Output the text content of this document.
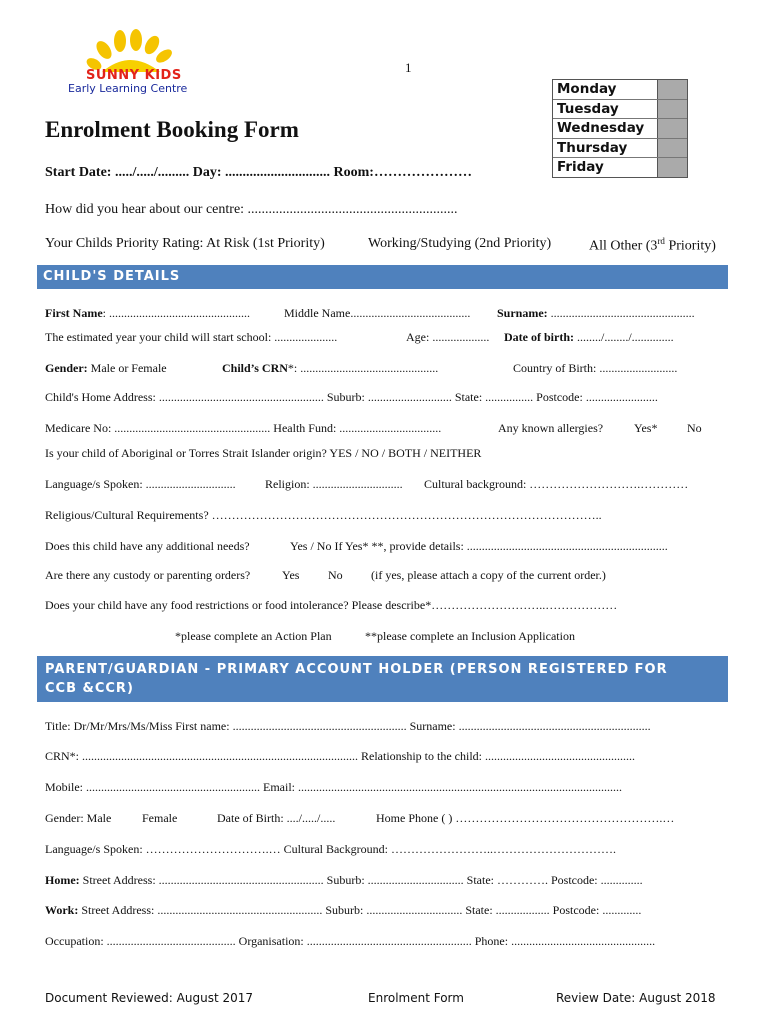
1
SUNNY KIDS
Early Learning Centre
Enrolment Booking Form
Monday
Tuesday
Wednesday
Thursday
Friday
Start Date: ...../...../......... Day: .............................. Room:…………………
How did you hear about our centre: ............................................................
Your Childs Priority Rating: At Risk (1st Priority)	Working/Studying (2nd Priority)	All Other (3rd Priority)
CHILD'S DETAILS
First Name: ...............................................	Middle Name........................................ Surname: ................................................
The estimated year your child will start school: .....................	Age: ................... Date of birth: ......../......../..............
Gender: Male or Female	Child’s CRN*: ..............................................	Country of Birth: ..........................
Child's Home Address: ....................................................... Suburb: ............................ State: ................ Postcode: ........................
Medicare No: .................................................... Health Fund: ..................................	Any known allergies?	Yes* No
Is your child of Aboriginal or Torres Strait Islander origin? YES / NO / BOTH / NEITHER
Language/s Spoken: .............................. Religion: .............................. Cultural background: ……………………….…………
Religious/Cultural Requirements? ……………………………………………………………………………………..
Does this child have any additional needs?	Yes / No If Yes* **, provide details: ...................................................................
Are there any custody or parenting orders?	Yes No (if yes, please attach a copy of the current order.)
Does your child have any food restrictions or food intolerance? Please describe*………………………..………………
*please complete an Action Plan	**please complete an Inclusion Application
PARENT/GUARDIAN - PRIMARY ACCOUNT HOLDER (PERSON REGISTERED FOR
CCB &CCR)
Title: Dr/Mr/Mrs/Ms/Miss First name: .......................................................... Surname: ................................................................
CRN*: ............................................................................................ Relationship to the child: ..................................................
Mobile: .......................................................... Email: ............................................................................................................
Gender: Male	Female	Date of Birth: ..../...../.....	Home Phone ( ) …………………………………………….…
Language/s Spoken: ………………………….… Cultural Background: ……………………..………………………….
Home: Street Address: ....................................................... Suburb: ................................ State: …………. Postcode: ..............
Work: Street Address: ....................................................... Suburb: ................................ State: .................. Postcode: .............
Occupation: ........................................... Organisation: ....................................................... Phone: ................................................
Document Reviewed: August 2017	Enrolment Form	Review Date: August 2018
